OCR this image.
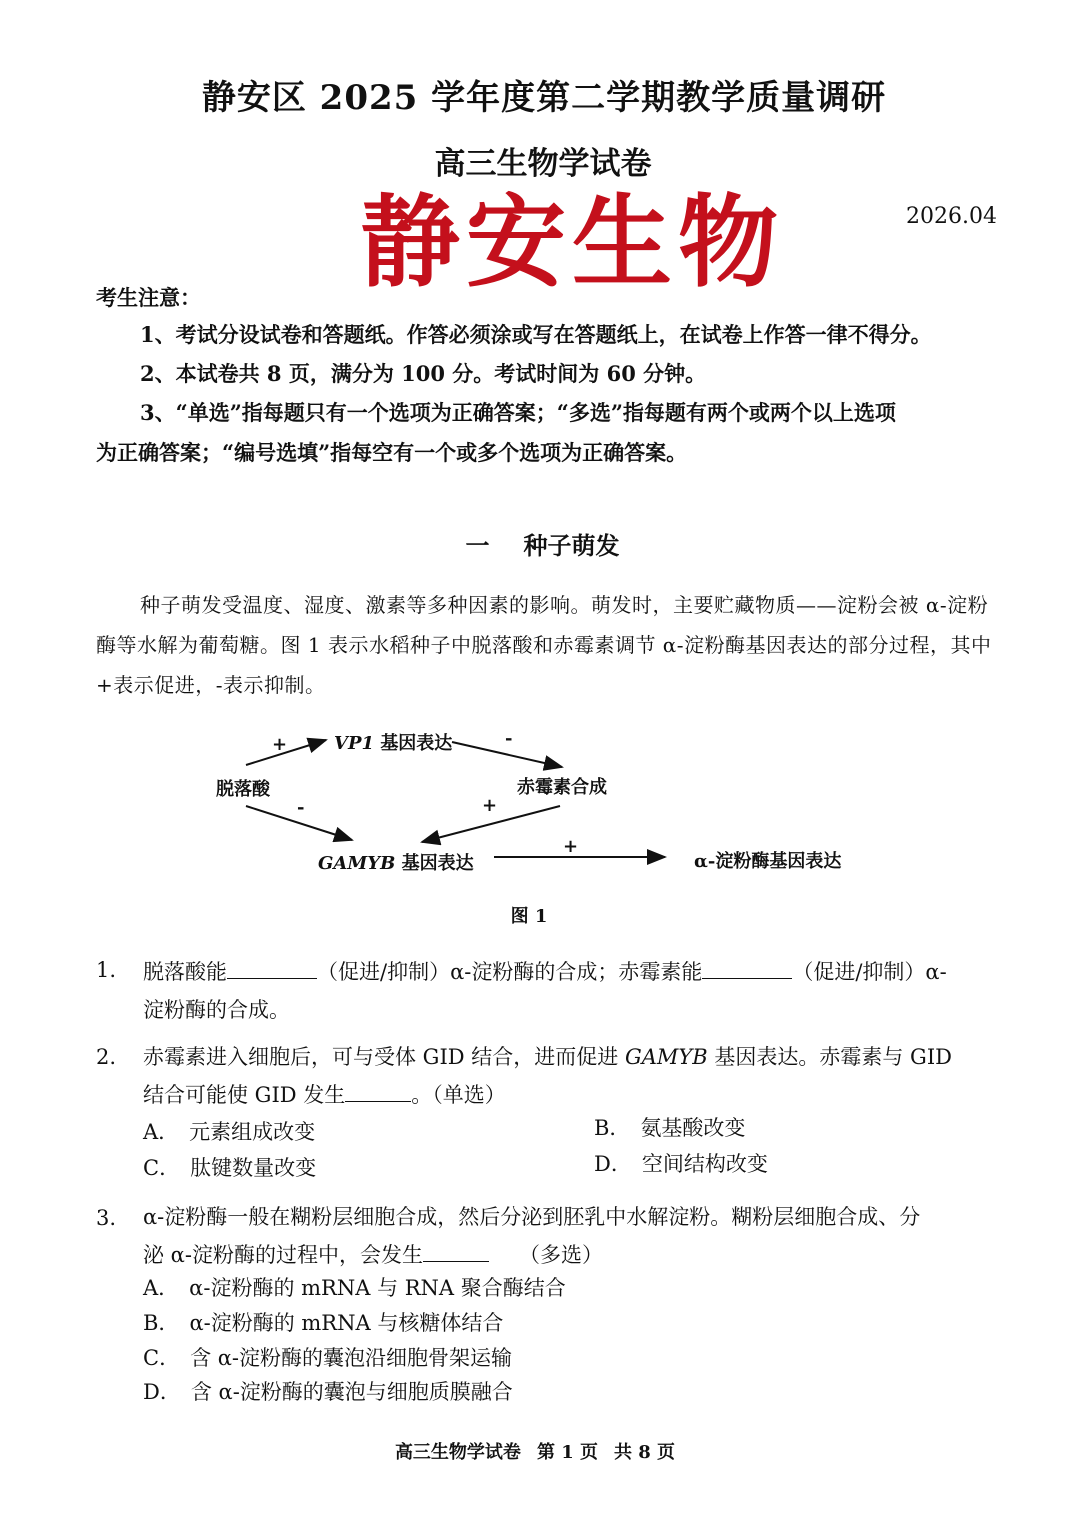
静安区 2025 学年度第二学期教学质量调研
高三生物学试卷
静安生物	2026.04
考生注意：
1、考试分设试卷和答题纸。作答必须涂或写在答题纸上，在试卷上作答一律不得分。
2、本试卷共 8 页，满分为 100 分。考试时间为 60 分钟。
3、“单选”指每题只有一个选项为正确答案；“多选”指每题有两个或两个以上选项
为正确答案；“编号选填”指每空有一个或多个选项为正确答案。
一 种子萌发
种子萌发受温度、湿度、激素等多种因素的影响。萌发时，主要贮藏物质——淀粉会被 α-淀粉酶等水解为葡萄糖。图 1 表示水稻种子中脱落酸和赤霉素调节 α-淀粉酶基因表达的部分过程，其中+表示促进，-表示抑制。
脱落酸
VP1 基因表达
赤霉素合成
GAMYB 基因表达	α-淀粉酶基因表达
+	-
-	+
+
图 1
1. 脱落酸能	（促进/抑制）α-淀粉酶的合成；赤霉素能	（促进/抑制）α-
淀粉酶的合成。
2. 赤霉素进入细胞后，可与受体 GID 结合，进而促进 GAMYB 基因表达。赤霉素与 GID
结合可能使 GID 发生	。（单选）
A． 元素组成改变	B． 氨基酸改变
C． 肽键数量改变	D． 空间结构改变
3. α-淀粉酶一般在糊粉层细胞合成，然后分泌到胚乳中水解淀粉。糊粉层细胞合成、分
泌 α-淀粉酶的过程中，会发生	（多选）
A． α-淀粉酶的 mRNA 与 RNA 聚合酶结合
B． α-淀粉酶的 mRNA 与核糖体结合
C． 含 α-淀粉酶的囊泡沿细胞骨架运输
D． 含 α-淀粉酶的囊泡与细胞质膜融合
高三生物学试卷 第 1 页 共 8 页
